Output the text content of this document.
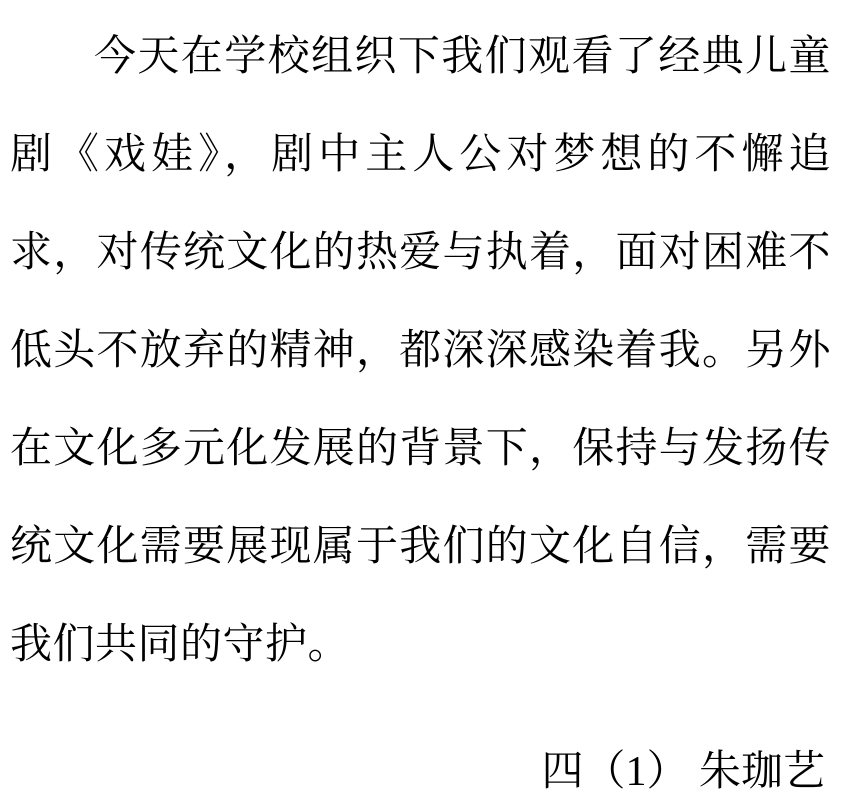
今天在学校组织下我们观看了经典儿童剧《戏娃》，剧中主人公对梦想的不懈追求，对传统文化的热爱与执着，面对困难不低头不放弃的精神，都深深感染着我。另外在文化多元化发展的背景下，保持与发扬传统文化需要展现属于我们的文化自信，需要我们共同的守护。

四（1） 朱珈艺
